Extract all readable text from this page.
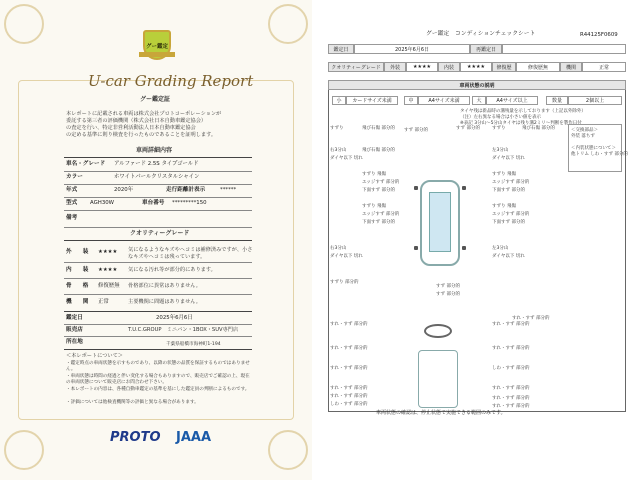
グー鑑定
U-car Grading Report
グー鑑定証
本レポートに記載される車両は株式会社プロトコーポレーションが
委託する第三者の評価機関（株式会社日本自動車鑑定協会）
の査定を行い、特定非営利活動法人日本自動車鑑定協会
の定める基準に則り検査を行ったものであることを証明します。
車両詳細内容
車名・グレード アルファード 2.5S タイプゴールド
カラー	ホワイトパールクリスタルシャイン
年式	2020年	走行距離計表示	******
型式 AGH30W	車台番号 *********150
備考
クオリティーグレード
外　　装 ★★★★ 気になるようなキズやヘコミは補修済みですが、小さなキズやヘコミは残っています。
内　　装 ★★★★ 気になる汚れ等が部分的にあります。
骨　　格 修復歴無 骨格部位に異常はありません。
機　　関 正常	主要機関に問題はありません。
鑑定日	2025年6月6日
販売店	T.U.C.GROUP　ミニバン・1BOX・SUV専門店
所在地	千葉県船橋市海神町1-194
＜本レポートについて＞
・鑑定時点の車両状態を示すものであり、以降の状態の品質を保証するものではありません。
・車両状態は時間の経過と伴い変化する場合もありますので、販売店でご確認の上、現在の車両状態について販売店にお問合わせ下さい。
・本レポートの内容は、各種自動車鑑定の基準を基にした鑑定員の判断によるものです。
・評価については他検査機関等の評価と異なる場合があります。
PROTO JAAA
グー鑑定　コンディションチェックシート	R44125F0609
鑑定日	2025年6月6日	再鑑定日
クオリティーグレード	外装	★★★★	内装	★★★★	修復歴	修復歴無	機関	正常
車両状態の説明
小	カードサイズ未満	中	A4サイズ未満	大	A4サイズ以上	数量	2個以上
タイヤ残は新品時の溝残量を示しております（上記以外除外）
（注）左右異なる場合は小さい値を表示
※表記 3分山～5分山タイヤは残り溝2ミリ～判断を製作日付
＜交換部品＞
外装 落ちず
＜内装状態について＞
他トリム しわ・すず 部分的
すずり	飛び石傷 部分的 すず 部分的	すず 部分的	すずり	飛び石傷 部分的
右3分山
ダイヤ以下 切れ
飛び石傷 部分的	左3分山
ダイヤ以下 切れ
すずり 飛傷
エッジすず 部分的
下面すず 部分的
すずり 飛傷
エッジすず 部分的
下面すず 部分的
すずり 飛傷
エッジすず 部分的
下面すず 部分的
すずり 飛傷
エッジすず 部分的
下面すず 部分的
右3分山
ダイヤ以下 切れ
左3分山
ダイヤ以下 切れ
すずり 部分的
すず 部分的
すず 部分的
すれ・すず 部分的	すれ・すず 部分的
すれ・すず 部分的	すれ・すず 部分的
すれ・すず 部分的	しわ・すず 部分的
すれ・すず 部分的	すれ・すず 部分的
すれ・すず 部分的	すれ・すず 部分的
しわ・すず 部分的	すれ・すず 部分的
すれ・すず 部分的
車両状態の確認は、停止状態で実施できる範囲のみです。
